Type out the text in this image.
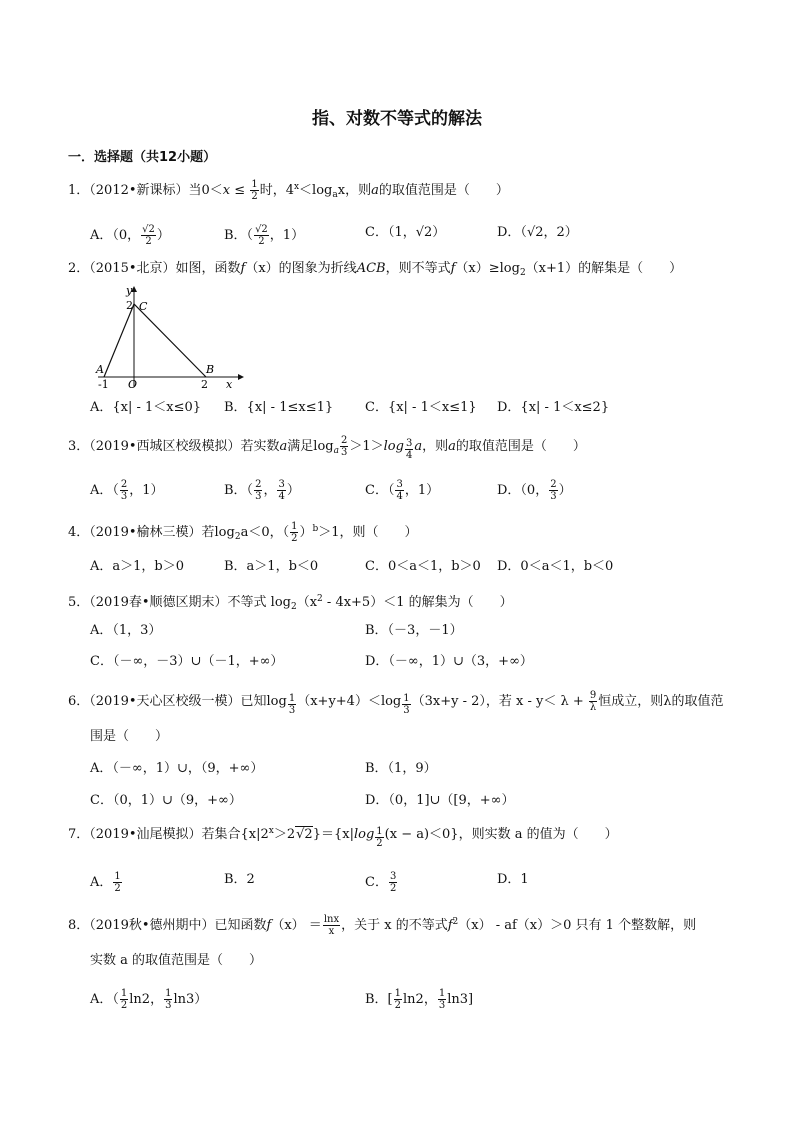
指、对数不等式的解法
一．选择题（共12小题）
1．（2012•新课标）当$0<x \le \frac{1}{2}$ 时，$4^x<\log_ax$，则a的取值范围是（　　）
A．（0， $\frac{√2}{2}$ ）	B．（ $\frac{√2}{2}$ ，1）	C．（1，√2）	D．（√2，2）
2．（2015•北京）如图，函数f（x）的图象为折线ACB，则不等式$f(x)\ge\log_2(x+1)$的解集是（　　）
y
C
2
A
-1 O
B
2 x
A．{x| - 1＜x≤0} B．{x| - 1≤x≤1} C．{x| - 1＜x≤1} D．{x| - 1＜x≤2}
3．（2019•西城区校级模拟）若实数a满足$\log_a \frac{2}{3} >1>\log \frac{3}{4}$ a，则a的取值范围是（　　）
A．（ $\frac{2}{3}$ ，1）	B．（ $\frac{2}{3}$ ， $\frac{3}{4}$ ）	C．（ $\frac{3}{4}$ ，1）	D．（0， $\frac{2}{3}$ ）
4．（2019•榆林三模）若$\log_2a<0$，（ $\frac{1}{2} )^b>1$，则（　　）
A．a＞1，b＞0	B．a＞1，b＜0	C．0＜a＜1，b＞0 D．0＜a＜1，b＜0
5．（2019春•顺德区期末）不等式 $\log_2(x^2 - 4x+5)<1$ 的解集为（　　）
A．（1，3）	B．（－3，－1）
C．（－∞，－3）∪（－1，+∞）	D．（－∞，1）∪（3，+∞）
6．（2019•天心区校级一模）已知$\log \frac{1}{3} (x+y+4)<\log \frac{1}{3} (3x+y - 2)$，若 $x - y< \lambda + \frac{9}{\lambda}$ 恒成立，则λ的取值范
围是（　　）
A．（－∞，1）∪，（9，+∞）	B．（1，9）
C．（0，1）∪（9，+∞）	D．（0，1]∪（[9，+∞）
7．（2019•汕尾模拟）若集合$\{x|2^x>2√2\}=\{x|\log \frac{1}{2} (x - a)<0\}$，则实数 a 的值为（　　）
A． $\frac{1}{2}$	B．2	C． $\frac{3}{2}$	D．1
8．（2019秋•德州期中）已知函数$f(x) = \frac{\ln x}{x}$ ，关于 x 的不等式$f^2(x) - af(x)>0$ 只有 1 个整数解，则
实数 a 的取值范围是（　　）
A．（ $\frac{1}{2} \ln 2$， $\frac{1}{3} \ln 3$）	B．[ $\frac{1}{2} \ln 2$， $\frac{1}{3} \ln 3$]
